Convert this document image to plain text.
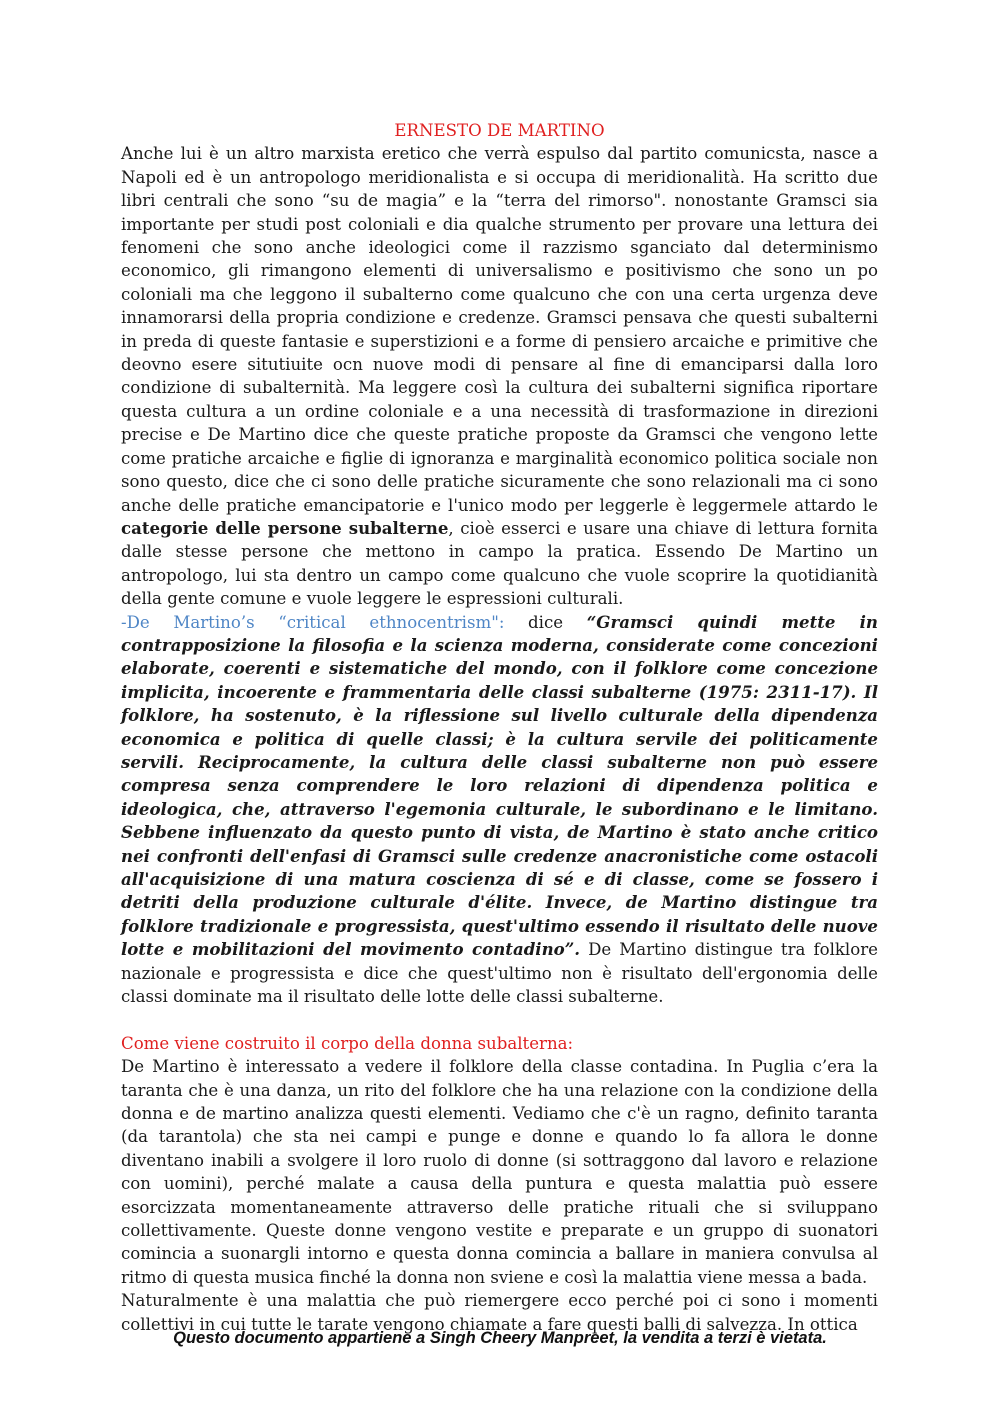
ERNESTO DE MARTINO

Anche lui è un altro marxista eretico che verrà espulso dal partito comunicsta, nasce a Napoli ed è un antropologo meridionalista e si occupa di meridionalità. Ha scritto due libri centrali che sono “su de magia” e la “terra del rimorso". nonostante Gramsci sia importante per studi post coloniali e dia qualche strumento per provare una lettura dei fenomeni che sono anche ideologici come il razzismo sganciato dal determinismo economico, gli rimangono elementi di universalismo e positivismo che sono un po coloniali ma che leggono il subalterno come qualcuno che con una certa urgenza deve innamorarsi della propria condizione e credenze. Gramsci pensava che questi subalterni in preda di queste fantasie e superstizioni e a forme di pensiero arcaiche e primitive che deovno esere situtiuite ocn nuove modi di pensare al fine di emanciparsi dalla loro condizione di subalternità. Ma leggere così la cultura dei subalterni significa riportare questa cultura a un ordine coloniale e a una necessità di trasformazione in direzioni precise e De Martino dice che queste pratiche proposte da Gramsci che vengono lette come pratiche arcaiche e figlie di ignoranza e marginalità economico politica sociale non sono questo, dice che ci sono delle pratiche sicuramente che sono relazionali ma ci sono anche delle pratiche emancipatorie e l'unico modo per leggerle è leggermele attardo le categorie delle persone subalterne, cioè esserci e usare una chiave di lettura fornita dalle stesse persone che mettono in campo la pratica. Essendo De Martino un antropologo, lui sta dentro un campo come qualcuno che vuole scoprire la quotidianità della gente comune e vuole leggere le espressioni culturali.

-De Martino’s “critical ethnocentrism": dice “Gramsci quindi mette in contrapposizione la filosofia e la scienza moderna, considerate come concezioni elaborate, coerenti e sistematiche del mondo, con il folklore come concezione implicita, incoerente e frammentaria delle classi subalterne (1975: 2311-17). Il folklore, ha sostenuto, è la riflessione sul livello culturale della dipendenza economica e politica di quelle classi; è la cultura servile dei politicamente servili. Reciprocamente, la cultura delle classi subalterne non può essere compresa senza comprendere le loro relazioni di dipendenza politica e ideologica, che, attraverso l'egemonia culturale, le subordinano e le limitano. Sebbene influenzato da questo punto di vista, de Martino è stato anche critico nei confronti dell'enfasi di Gramsci sulle credenze anacronistiche come ostacoli all'acquisizione di una matura coscienza di sé e di classe, come se fossero i detriti della produzione culturale d'élite. Invece, de Martino distingue tra folklore tradizionale e progressista, quest'ultimo essendo il risultato delle nuove lotte e mobilitazioni del movimento contadino”. De Martino distingue tra folklore nazionale e progressista e dice che quest'ultimo non è risultato dell'ergonomia delle classi dominate ma il risultato delle lotte delle classi subalterne.

Come viene costruito il corpo della donna subalterna:

De Martino è interessato a vedere il folklore della classe contadina. In Puglia c’era la taranta che è una danza, un rito del folklore che ha una relazione con la condizione della donna e de martino analizza questi elementi. Vediamo che c'è un ragno, definito taranta (da tarantola) che sta nei campi e punge e donne e quando lo fa allora le donne diventano inabili a svolgere il loro ruolo di donne (si sottraggono dal lavoro e relazione con uomini), perché malate a causa della puntura e questa malattia può essere esorcizzata momentaneamente attraverso delle pratiche rituali che si sviluppano collettivamente. Queste donne vengono vestite e preparate e un gruppo di suonatori comincia a suonargli intorno e questa donna comincia a ballare in maniera convulsa al ritmo di questa musica finché la donna non sviene e così la malattia viene messa a bada.

Naturalmente è una malattia che può riemergere ecco perché poi ci sono i momenti collettivi in cui tutte le tarate vengono chiamate a fare questi balli di salvezza. In ottica

Questo documento appartiene a Singh Cheery Manpreet, la vendita a terzi è vietata.
